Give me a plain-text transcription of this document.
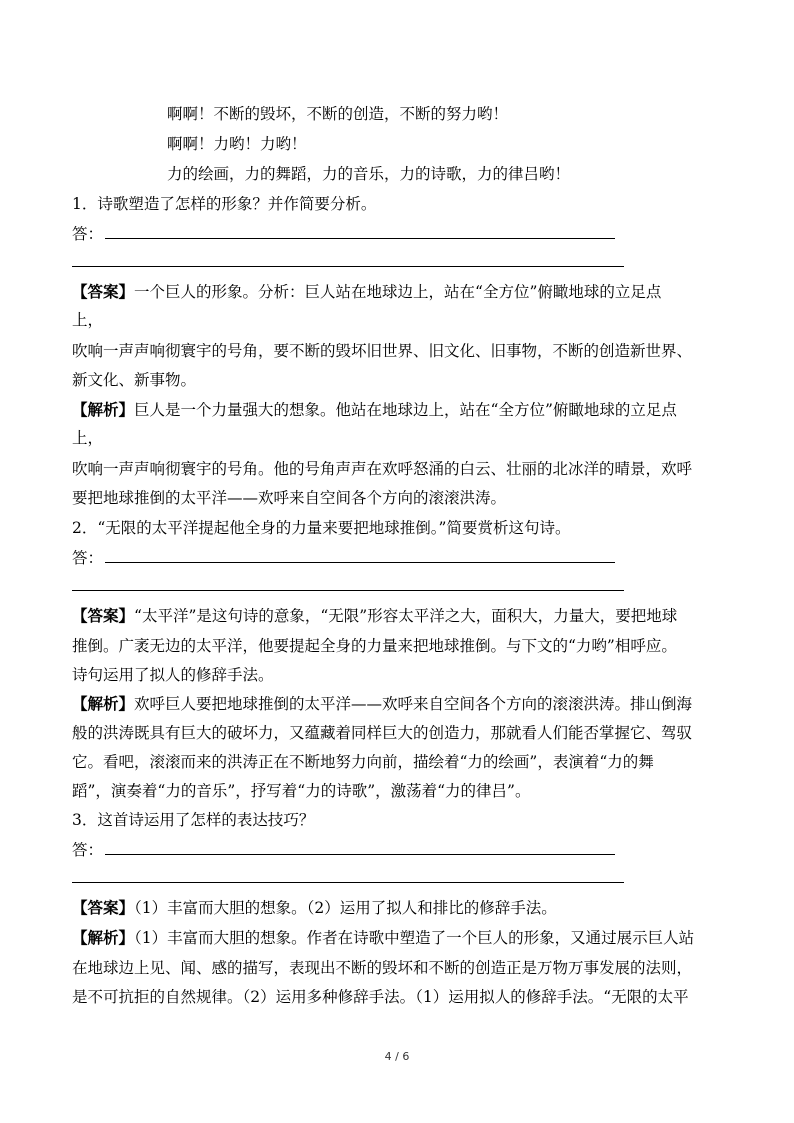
啊啊！不断的毁坏，不断的创造，不断的努力哟！
啊啊！力哟！力哟！
力的绘画，力的舞蹈，力的音乐，力的诗歌，力的律吕哟！
1．诗歌塑造了怎样的形象？并作简要分析。
答：
【答案】一个巨人的形象。分析：巨人站在地球边上，站在“全方位”俯瞰地球的立足点
上，
吹响一声声响彻寰宇的号角，要不断的毁坏旧世界、旧文化、旧事物，不断的创造新世界、
新文化、新事物。
【解析】巨人是一个力量强大的想象。他站在地球边上，站在“全方位”俯瞰地球的立足点
上，
吹响一声声响彻寰宇的号角。他的号角声声在欢呼怒涌的白云、壮丽的北冰洋的晴景，欢呼
要把地球推倒的太平洋——欢呼来自空间各个方向的滚滚洪涛。
2．“无限的太平洋提起他全身的力量来要把地球推倒。”简要赏析这句诗。
答：
【答案】“太平洋”是这句诗的意象，“无限”形容太平洋之大，面积大，力量大，要把地球
推倒。广袤无边的太平洋，他要提起全身的力量来把地球推倒。与下文的“力哟”相呼应。
诗句运用了拟人的修辞手法。
【解析】欢呼巨人要把地球推倒的太平洋——欢呼来自空间各个方向的滚滚洪涛。排山倒海
般的洪涛既具有巨大的破坏力，又蕴藏着同样巨大的创造力，那就看人们能否掌握它、驾驭
它。看吧，滚滚而来的洪涛正在不断地努力向前，描绘着“力的绘画”，表演着“力的舞
蹈”，演奏着“力的音乐”，抒写着“力的诗歌”，激荡着“力的律吕”。
3．这首诗运用了怎样的表达技巧？
答：
【答案】（1）丰富而大胆的想象。（2）运用了拟人和排比的修辞手法。
【解析】（1）丰富而大胆的想象。作者在诗歌中塑造了一个巨人的形象，又通过展示巨人站
在地球边上见、闻、感的描写，表现出不断的毁坏和不断的创造正是万物万事发展的法则，
是不可抗拒的自然规律。（2）运用多种修辞手法。（1）运用拟人的修辞手法。“无限的太平
4 / 6
